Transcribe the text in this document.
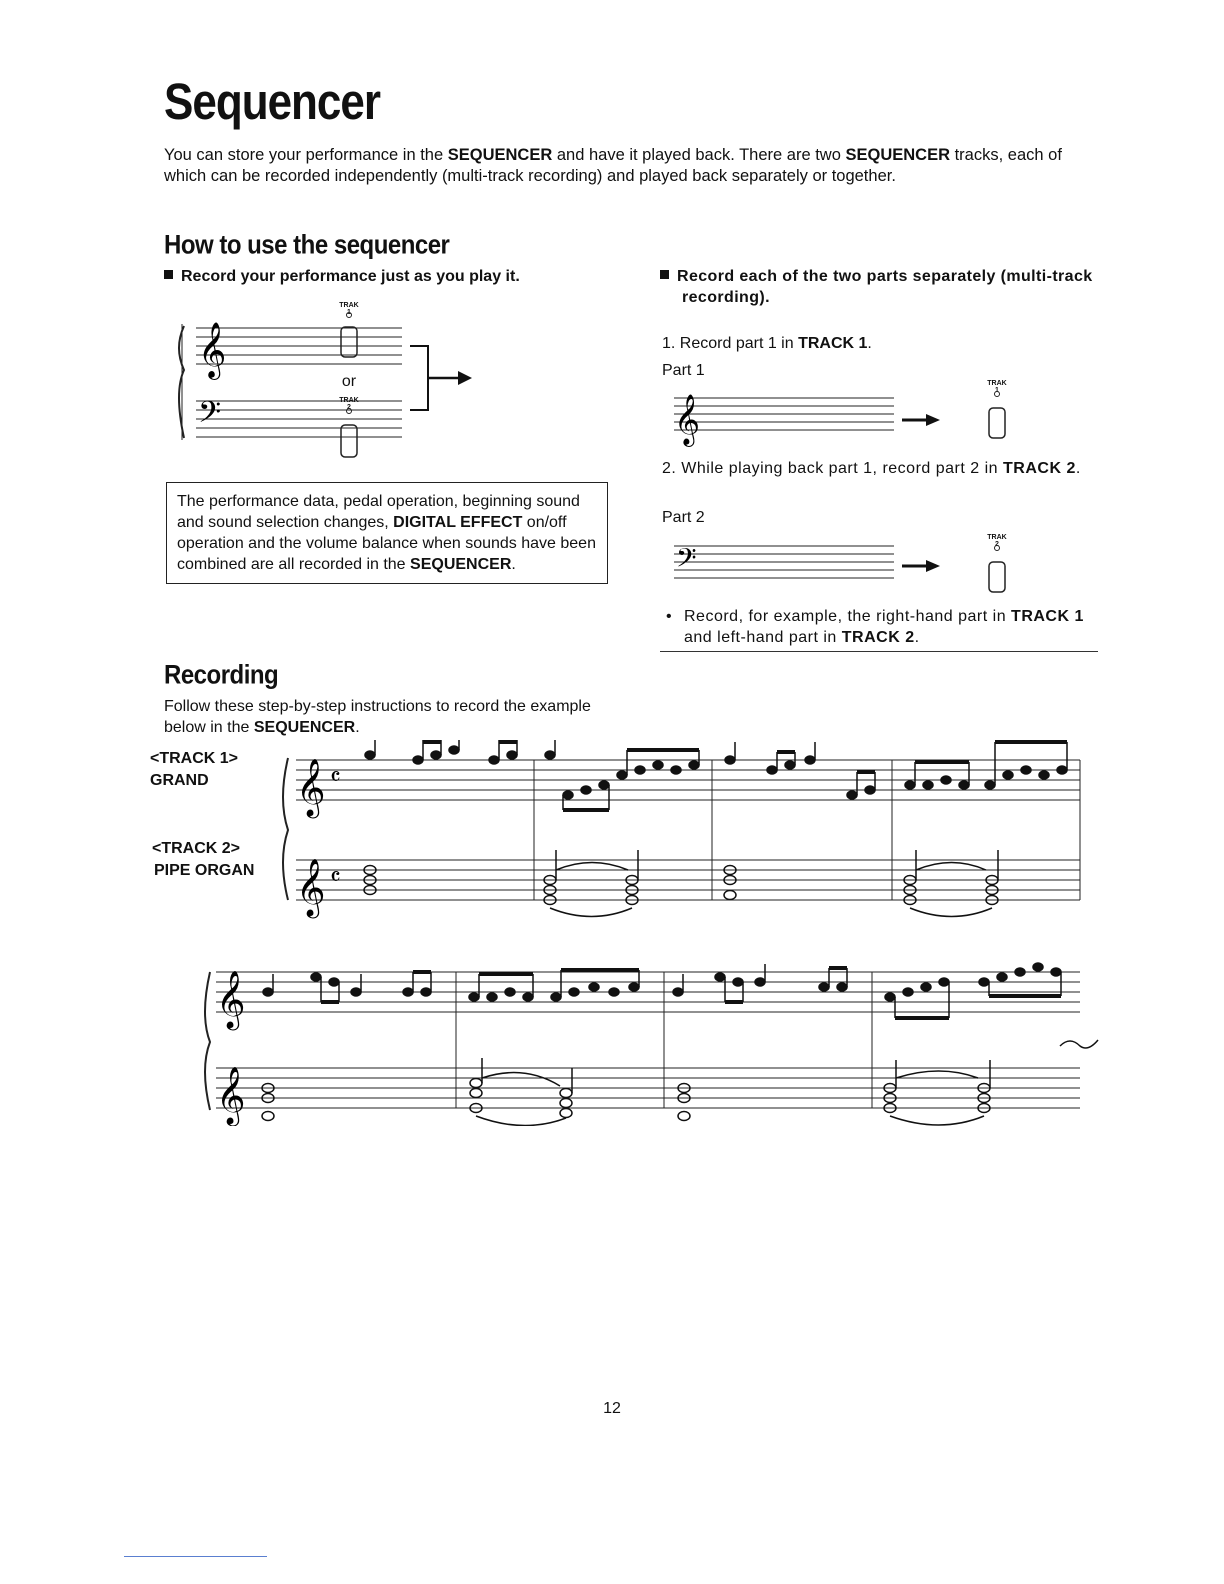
Sequencer

You can store your performance in the SEQUENCER and have it played back. There are two SEQUENCER tracks, each of which can be recorded independently (multi-track recording) and played back separately or together.

How to use the sequencer

Record your performance just as you play it.

𝄞
𝄢
TRAK 1
or
TRAK 2
The performance data, pedal operation, beginning sound and sound selection changes, DIGITAL EFFECT on/off operation and the volume balance when sounds have been combined are all recorded in the SEQUENCER.

Record each of the two parts separately (multi-track recording).

1. Record part 1 in TRACK 1.

Part 1

𝄞
TRAK 1

2. While playing back part 1, record part 2 in TRACK 2.

Part 2

𝄢
TRAK 2

• Record, for example, the right-hand part in TRACK 1 and left-hand part in TRACK 2.

Recording

Follow these step-by-step instructions to record the example below in the SEQUENCER.

<TRACK 1>
GRAND
<TRACK 2>
PIPE ORGAN
𝄞
𝄞
𝄴
𝄴
𝄞
𝄞
12
